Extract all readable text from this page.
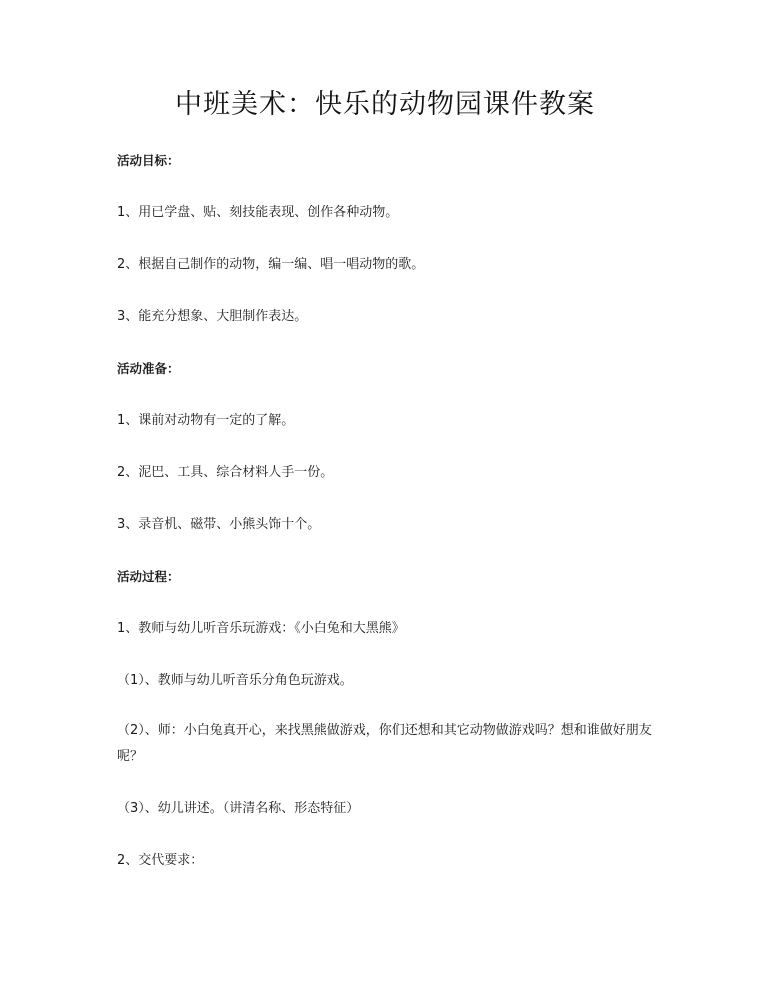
中班美术：快乐的动物园课件教案

活动目标：

1、用已学盘、贴、刻技能表现、创作各种动物。

2、根据自己制作的动物，编一编、唱一唱动物的歌。

3、能充分想象、大胆制作表达。

活动准备：

1、课前对动物有一定的了解。

2、泥巴、工具、综合材料人手一份。

3、录音机、磁带、小熊头饰十个。

活动过程：

1、教师与幼儿听音乐玩游戏：《小白兔和大黑熊》

（1）、教师与幼儿听音乐分角色玩游戏。

（2）、师：小白兔真开心，来找黑熊做游戏，你们还想和其它动物做游戏吗？想和谁做好朋友呢？

（3）、幼儿讲述。（讲清名称、形态特征）

2、交代要求：
